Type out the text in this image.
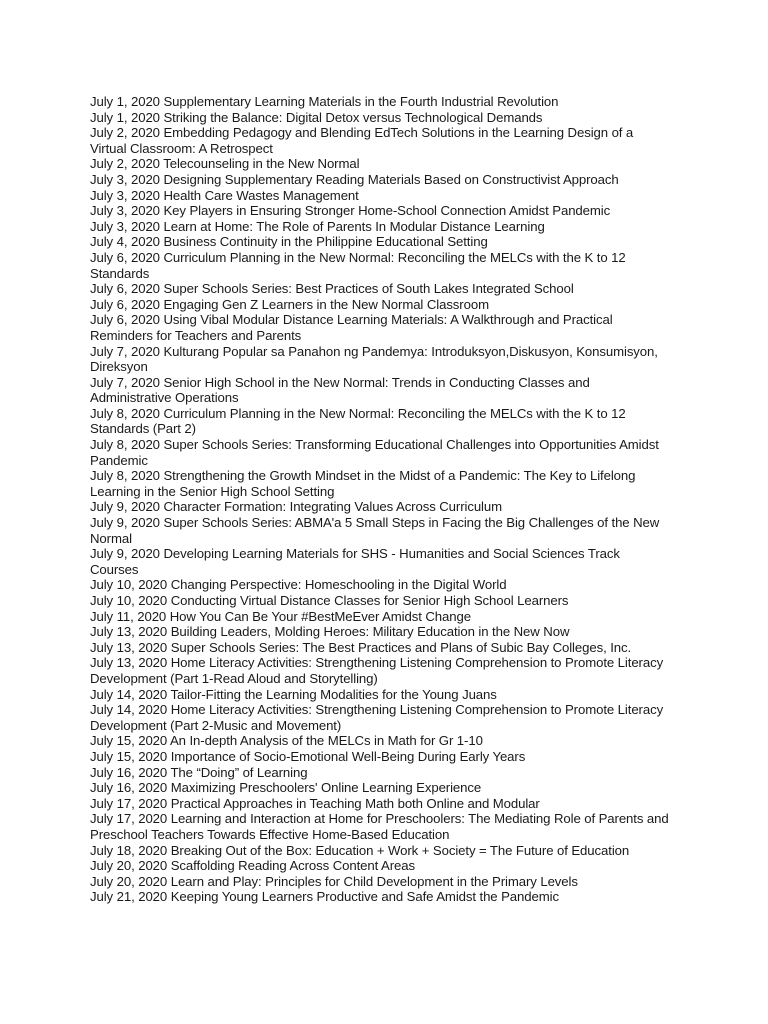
July 1, 2020 Supplementary Learning Materials in the Fourth Industrial Revolution
July 1, 2020 Striking the Balance: Digital Detox versus Technological Demands
July 2, 2020 Embedding Pedagogy and Blending EdTech Solutions in the Learning Design of a Virtual Classroom: A Retrospect
July 2, 2020 Telecounseling in the New Normal
July 3, 2020 Designing Supplementary Reading Materials Based on Constructivist Approach
July 3, 2020 Health Care Wastes Management
July 3, 2020 Key Players in Ensuring Stronger Home-School Connection Amidst Pandemic
July 3, 2020 Learn at Home: The Role of Parents In Modular Distance Learning
July 4, 2020 Business Continuity in the Philippine Educational Setting
July 6, 2020 Curriculum Planning in the New Normal: Reconciling the MELCs with the K to 12 Standards
July 6, 2020 Super Schools Series: Best Practices of South Lakes Integrated School
July 6, 2020 Engaging Gen Z Learners in the New Normal Classroom
July 6, 2020 Using Vibal Modular Distance Learning Materials: A Walkthrough and Practical Reminders for Teachers and Parents
July 7, 2020 Kulturang Popular sa Panahon ng Pandemya: Introduksyon,Diskusyon, Konsumisyon, Direksyon
July 7, 2020 Senior High School in the New Normal: Trends in Conducting Classes and Administrative Operations
July 8, 2020 Curriculum Planning in the New Normal: Reconciling the MELCs with the K to 12 Standards (Part 2)
July 8, 2020 Super Schools Series: Transforming Educational Challenges into Opportunities Amidst Pandemic
July 8, 2020 Strengthening the Growth Mindset in the Midst of a Pandemic: The Key to Lifelong Learning in the Senior High School Setting
July 9, 2020 Character Formation: Integrating Values Across Curriculum
July 9, 2020 Super Schools Series: ABMA'a 5 Small Steps in Facing the Big Challenges of the New Normal
July 9, 2020 Developing Learning Materials for SHS - Humanities and Social Sciences Track Courses
July 10, 2020 Changing Perspective: Homeschooling in the Digital World
July 10, 2020 Conducting Virtual Distance Classes for Senior High School Learners
July 11, 2020 How You Can Be Your #BestMeEver Amidst Change
July 13, 2020 Building Leaders, Molding Heroes: Military Education in the New Now
July 13, 2020 Super Schools Series: The Best Practices and Plans of Subic Bay Colleges, Inc.
July 13, 2020 Home Literacy Activities: Strengthening Listening Comprehension to Promote Literacy Development (Part 1-Read Aloud and Storytelling)
July 14, 2020 Tailor-Fitting the Learning Modalities for the Young Juans
July 14, 2020 Home Literacy Activities: Strengthening Listening Comprehension to Promote Literacy Development (Part 2-Music and Movement)
July 15, 2020 An In-depth Analysis of the MELCs in Math for Gr 1-10
July 15, 2020 Importance of Socio-Emotional Well-Being During Early Years
July 16, 2020 The “Doing” of Learning
July 16, 2020 Maximizing Preschoolers' Online Learning Experience
July 17, 2020 Practical Approaches in Teaching Math both Online and Modular
July 17, 2020 Learning and Interaction at Home for Preschoolers: The Mediating Role of Parents and Preschool Teachers Towards Effective Home-Based Education
July 18, 2020 Breaking Out of the Box: Education + Work + Society = The Future of Education
July 20, 2020 Scaffolding Reading Across Content Areas
July 20, 2020 Learn and Play: Principles for Child Development in the Primary Levels
July 21, 2020 Keeping Young Learners Productive and Safe Amidst the Pandemic
